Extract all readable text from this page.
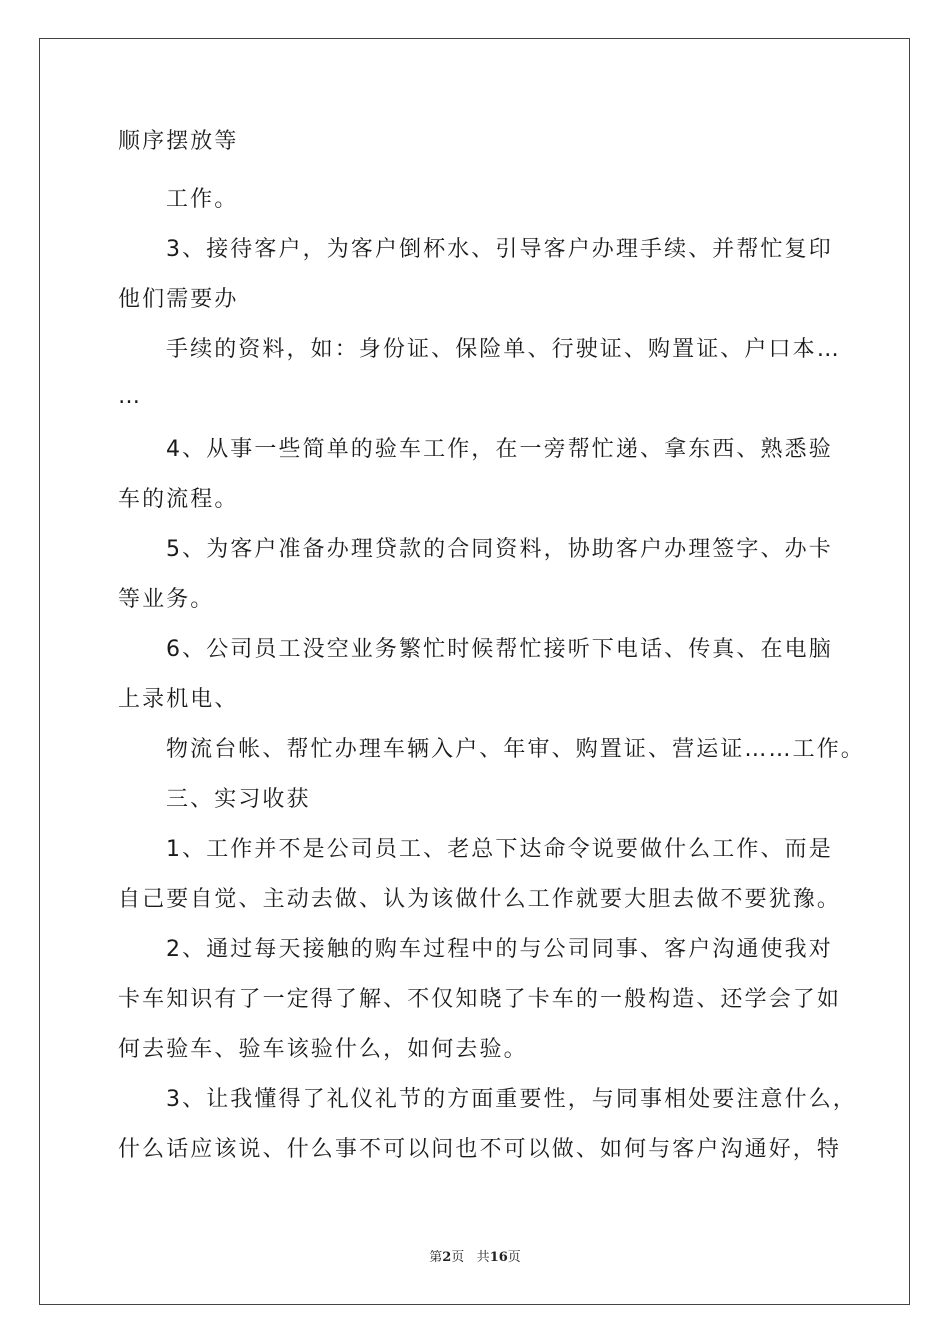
顺序摆放等
工作。
3、接待客户，为客户倒杯水、引导客户办理手续、并帮忙复印
他们需要办
手续的资料，如：身份证、保险单、行驶证、购置证、户口本…
…
4、从事一些简单的验车工作，在一旁帮忙递、拿东西、熟悉验
车的流程。
5、为客户准备办理贷款的合同资料，协助客户办理签字、办卡
等业务。
6、公司员工没空业务繁忙时候帮忙接听下电话、传真、在电脑
上录机电、
物流台帐、帮忙办理车辆入户、年审、购置证、营运证……工作。
三、实习收获
1、工作并不是公司员工、老总下达命令说要做什么工作、而是
自己要自觉、主动去做、认为该做什么工作就要大胆去做不要犹豫。
2、通过每天接触的购车过程中的与公司同事、客户沟通使我对
卡车知识有了一定得了解、不仅知晓了卡车的一般构造、还学会了如
何去验车、验车该验什么，如何去验。
3、让我懂得了礼仪礼节的方面重要性，与同事相处要注意什么，
什么话应该说、什么事不可以问也不可以做、如何与客户沟通好，特
第2页 共16页
